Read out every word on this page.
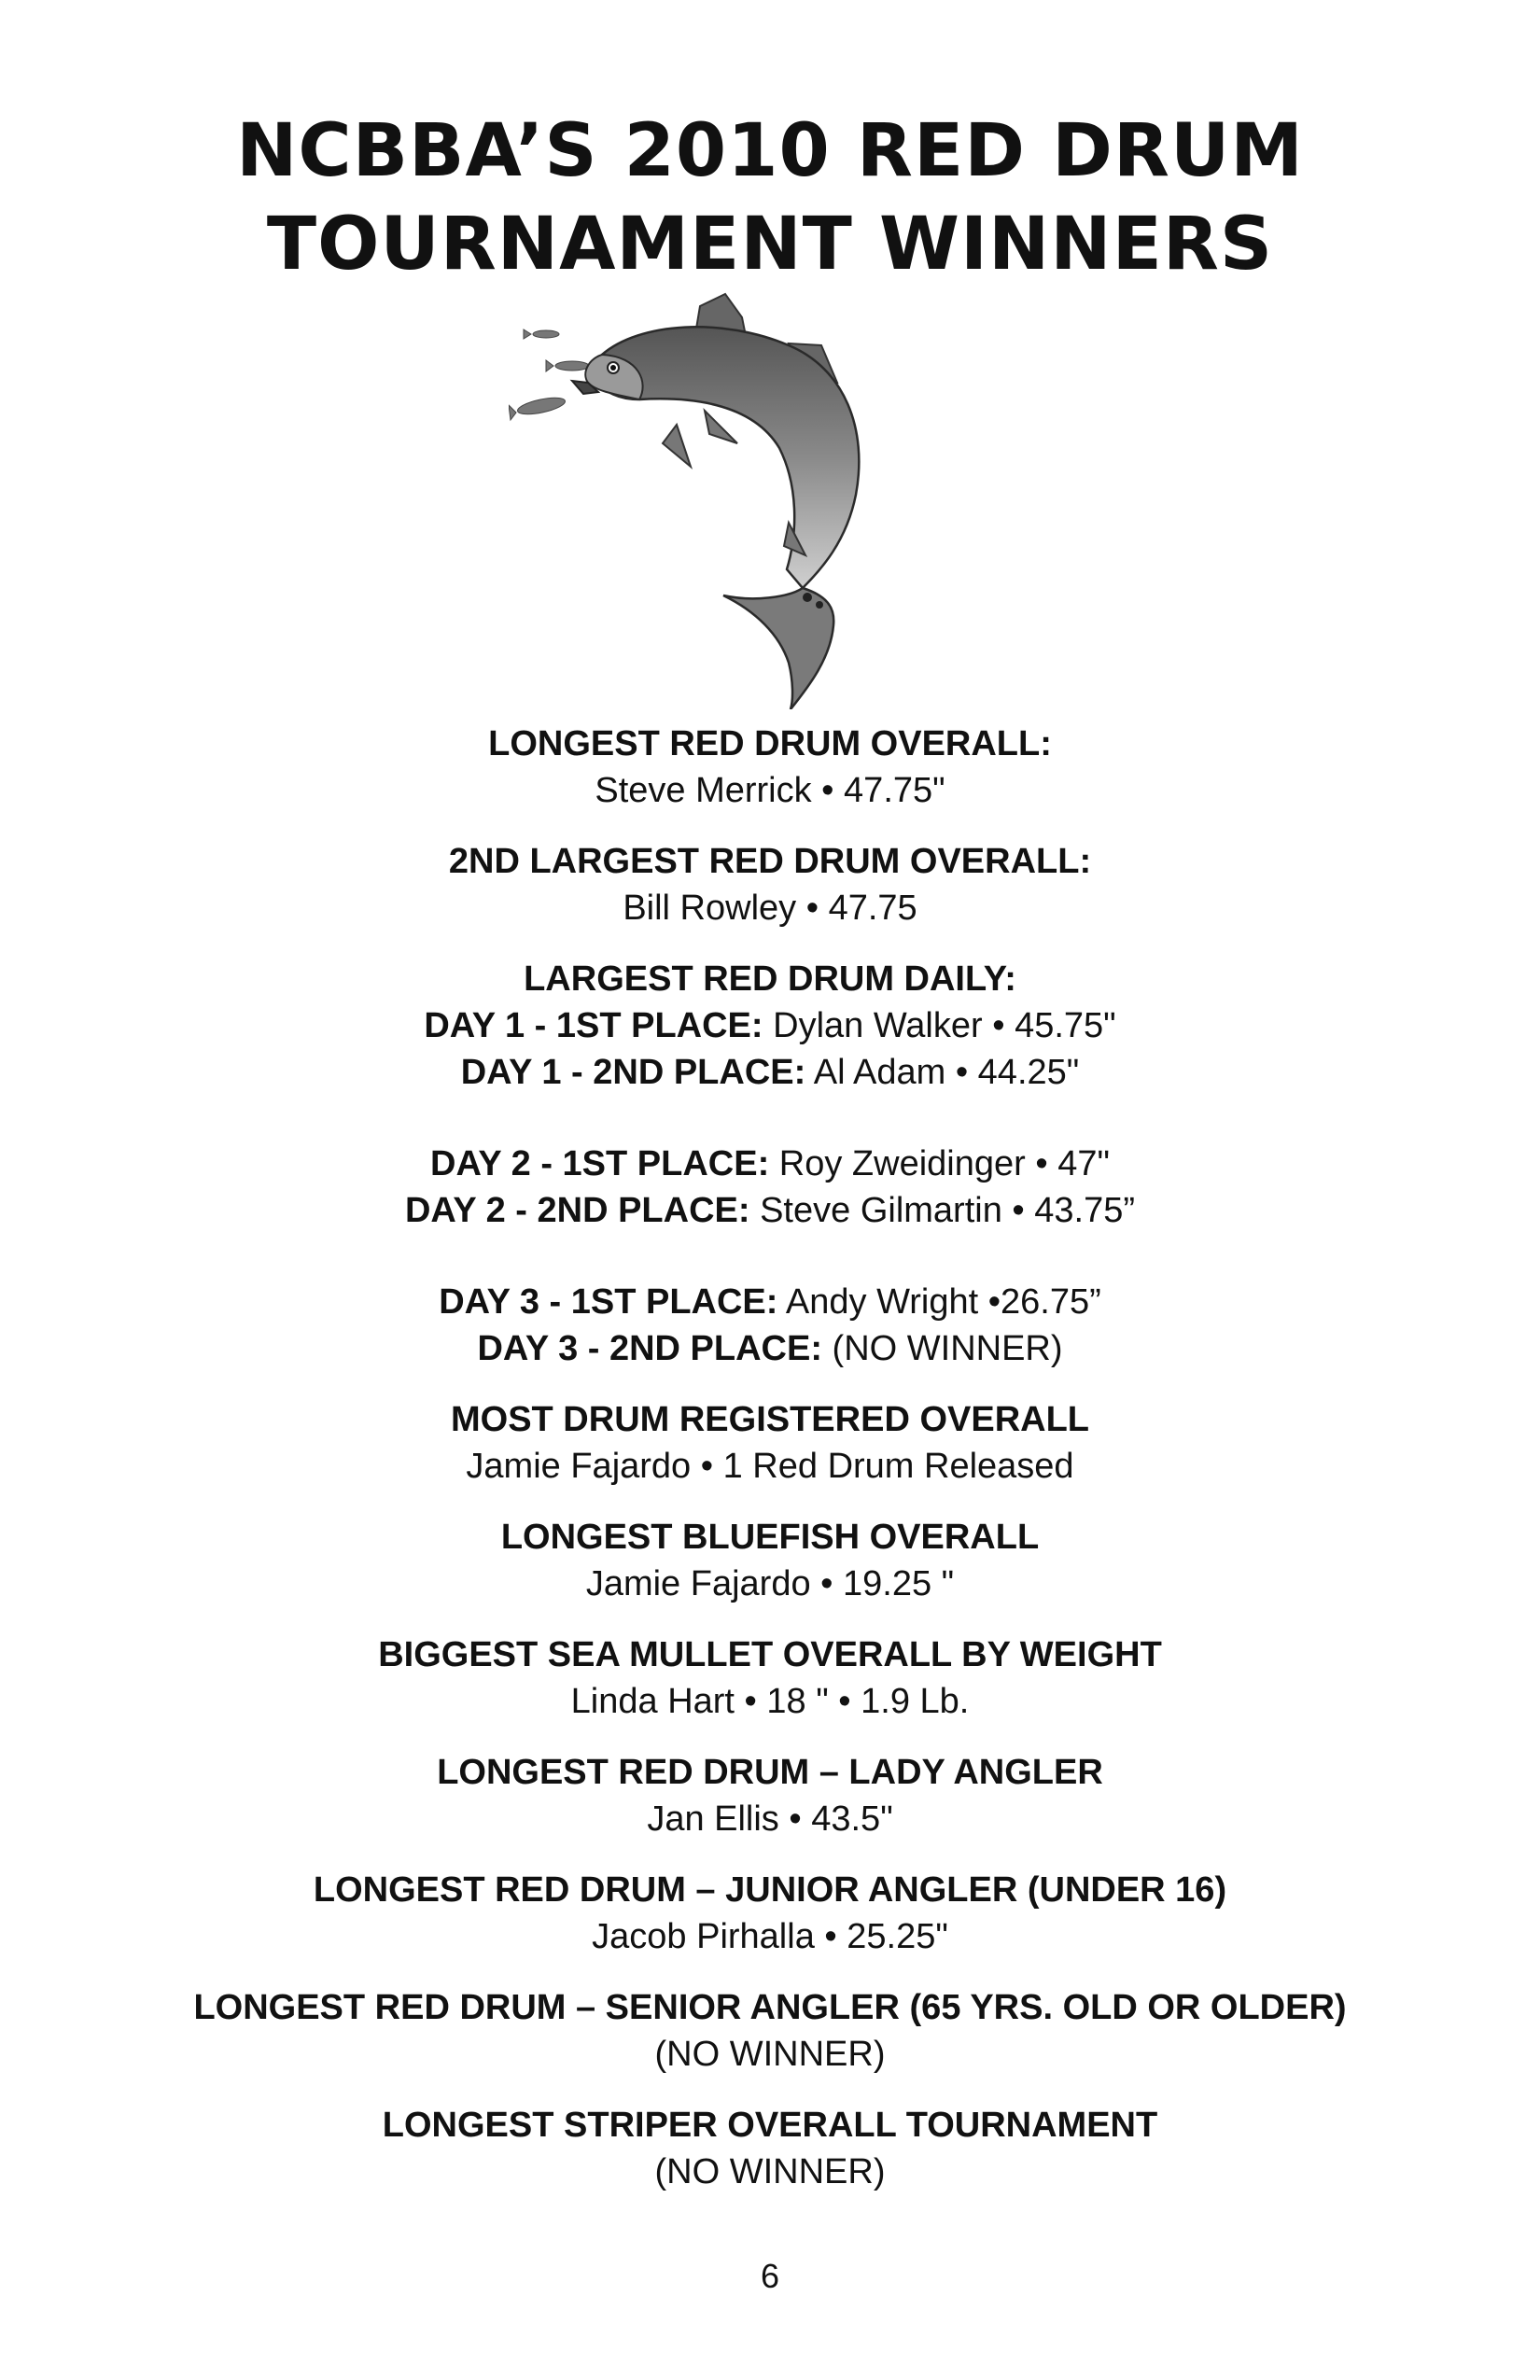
NCBBA’S 2010 RED DRUM
TOURNAMENT WINNERS
LONGEST RED DRUM OVERALL:
Steve Merrick • 47.75"
2ND LARGEST RED DRUM OVERALL:
Bill Rowley • 47.75
LARGEST RED DRUM DAILY:
DAY 1 - 1ST PLACE: Dylan Walker • 45.75"
DAY 1 - 2ND PLACE: Al Adam • 44.25"
DAY 2 - 1ST PLACE: Roy Zweidinger • 47"
DAY 2 - 2ND PLACE: Steve Gilmartin • 43.75”
DAY 3 - 1ST PLACE: Andy Wright •26.75”
DAY 3 - 2ND PLACE: (NO WINNER)
MOST DRUM REGISTERED OVERALL
Jamie Fajardo • 1 Red Drum Released
LONGEST BLUEFISH OVERALL
Jamie Fajardo • 19.25 "
BIGGEST SEA MULLET OVERALL BY WEIGHT
Linda Hart • 18 " • 1.9 Lb.
LONGEST RED DRUM – LADY ANGLER
Jan Ellis • 43.5"
LONGEST RED DRUM – JUNIOR ANGLER (UNDER 16)
Jacob Pirhalla • 25.25"
LONGEST RED DRUM – SENIOR ANGLER (65 YRS. OLD OR OLDER)
(NO WINNER)
LONGEST STRIPER OVERALL TOURNAMENT
(NO WINNER)
6
